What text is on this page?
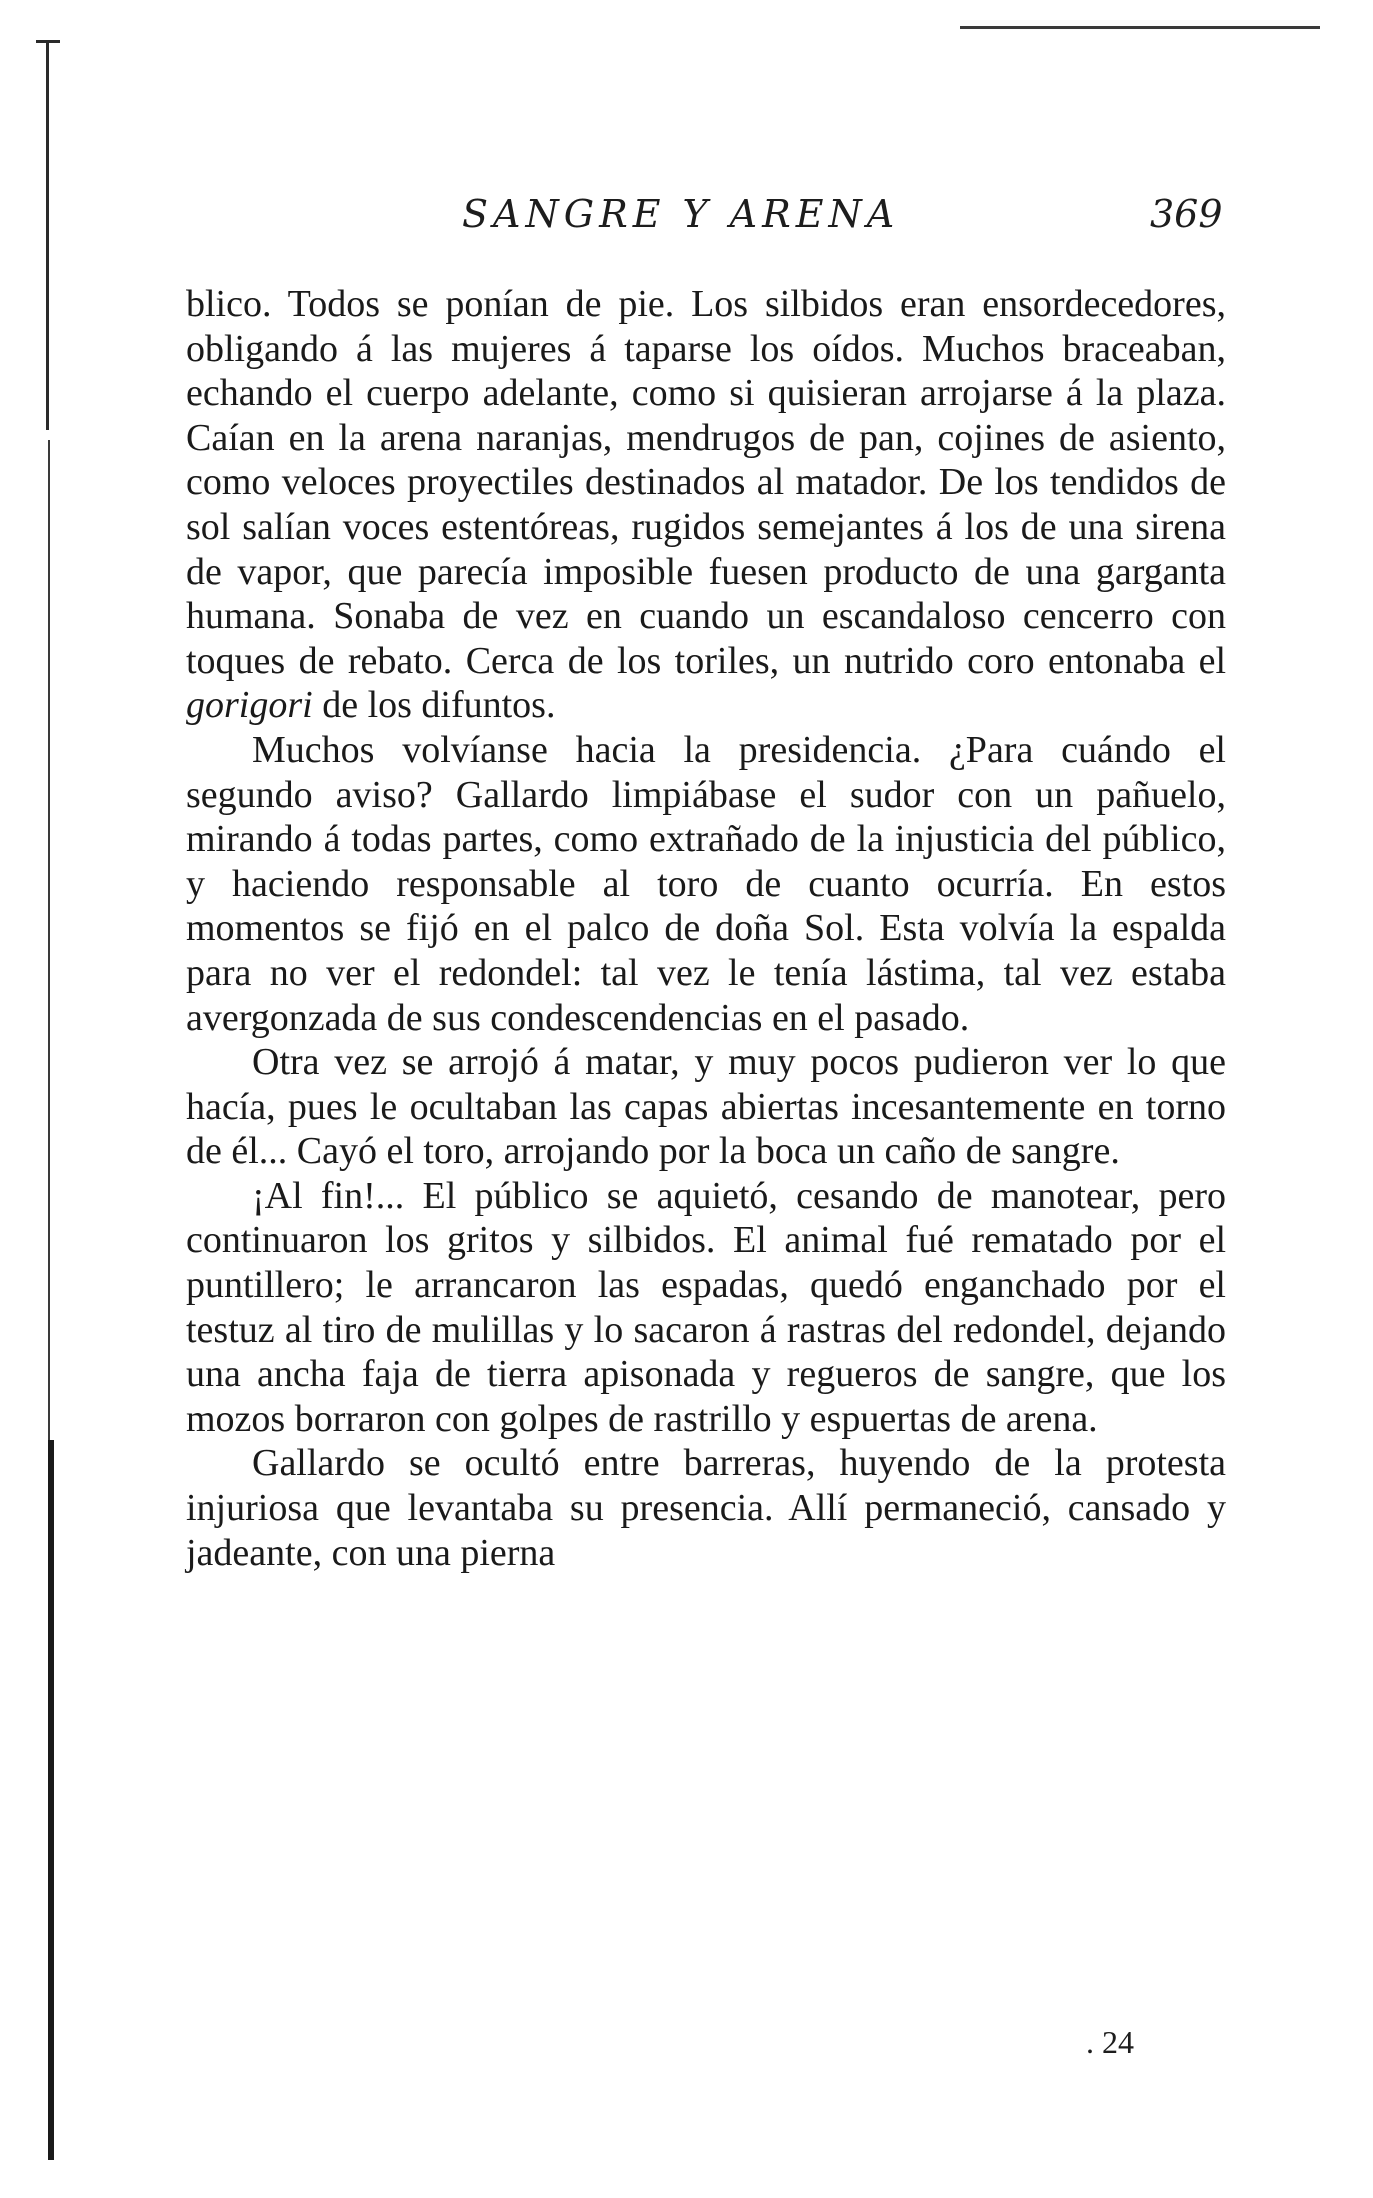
SANGRE Y ARENA	369

blico. Todos se ponían de pie. Los silbidos eran ensordecedores, obligando á las mujeres á taparse los oídos. Muchos braceaban, echando el cuerpo adelante, como si quisieran arrojarse á la plaza. Caían en la arena naranjas, mendrugos de pan, cojines de asiento, como veloces proyectiles destinados al matador. De los tendidos de sol salían voces estentóreas, rugidos semejantes á los de una sirena de vapor, que parecía imposible fuesen producto de una garganta humana. Sonaba de vez en cuando un escandaloso cencerro con toques de rebato. Cerca de los toriles, un nutrido coro entonaba el gorigori de los difuntos.

Muchos volvíanse hacia la presidencia. ¿Para cuándo el segundo aviso? Gallardo limpiábase el sudor con un pañuelo, mirando á todas partes, como extrañado de la injusticia del público, y haciendo responsable al toro de cuanto ocurría. En estos momentos se fijó en el palco de doña Sol. Esta volvía la espalda para no ver el redondel: tal vez le tenía lástima, tal vez estaba avergonzada de sus condescendencias en el pasado.

Otra vez se arrojó á matar, y muy pocos pudieron ver lo que hacía, pues le ocultaban las capas abiertas incesantemente en torno de él... Cayó el toro, arrojando por la boca un caño de sangre.

¡Al fin!... El público se aquietó, cesando de manotear, pero continuaron los gritos y silbidos. El animal fué rematado por el puntillero; le arrancaron las espadas, quedó enganchado por el testuz al tiro de mulillas y lo sacaron á rastras del redondel, dejando una ancha faja de tierra apisonada y regueros de sangre, que los mozos borraron con golpes de rastrillo y espuertas de arena.

Gallardo se ocultó entre barreras, huyendo de la protesta injuriosa que levantaba su presencia. Allí permaneció, cansado y jadeante, con una pierna

. 24
